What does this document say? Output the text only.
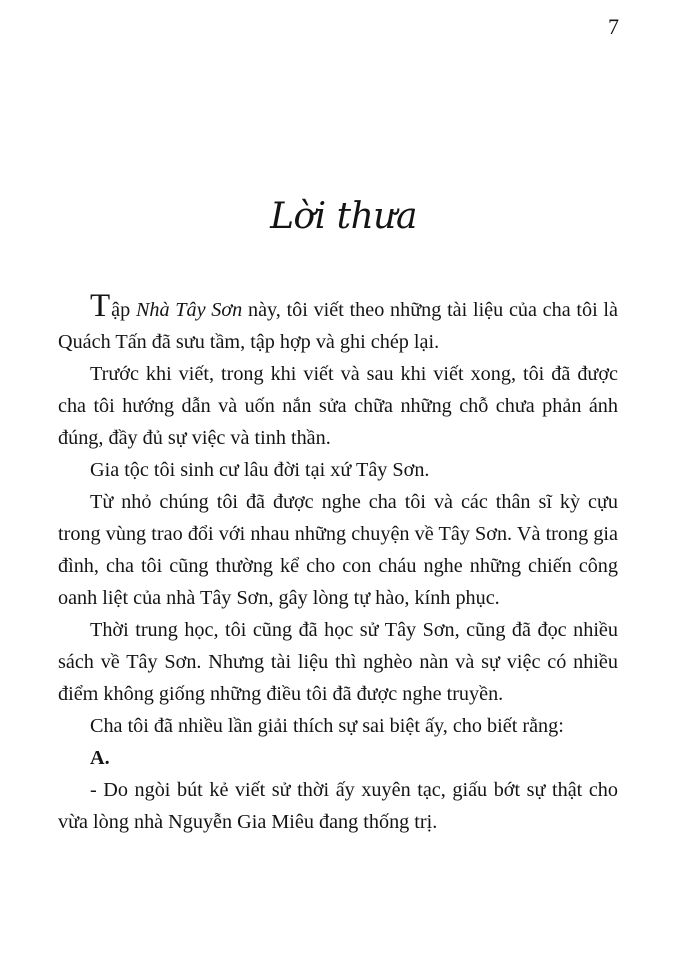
7
Lời thưa

Tập Nhà Tây Sơn này, tôi viết theo những tài liệu của cha tôi là Quách Tấn đã sưu tầm, tập hợp và ghi chép lại.

Trước khi viết, trong khi viết và sau khi viết xong, tôi đã được cha tôi hướng dẫn và uốn nắn sửa chữa những chỗ chưa phản ánh đúng, đầy đủ sự việc và tinh thần.

Gia tộc tôi sinh cư lâu đời tại xứ Tây Sơn.

Từ nhỏ chúng tôi đã được nghe cha tôi và các thân sĩ kỳ cựu trong vùng trao đổi với nhau những chuyện về Tây Sơn. Và trong gia đình, cha tôi cũng thường kể cho con cháu nghe những chiến công oanh liệt của nhà Tây Sơn, gây lòng tự hào, kính phục.

Thời trung học, tôi cũng đã học sử Tây Sơn, cũng đã đọc nhiều sách về Tây Sơn. Nhưng tài liệu thì nghèo nàn và sự việc có nhiều điểm không giống những điều tôi đã được nghe truyền.

Cha tôi đã nhiều lần giải thích sự sai biệt ấy, cho biết rằng:

A.

- Do ngòi bút kẻ viết sử thời ấy xuyên tạc, giấu bớt sự thật cho vừa lòng nhà Nguyễn Gia Miêu đang thống trị.
